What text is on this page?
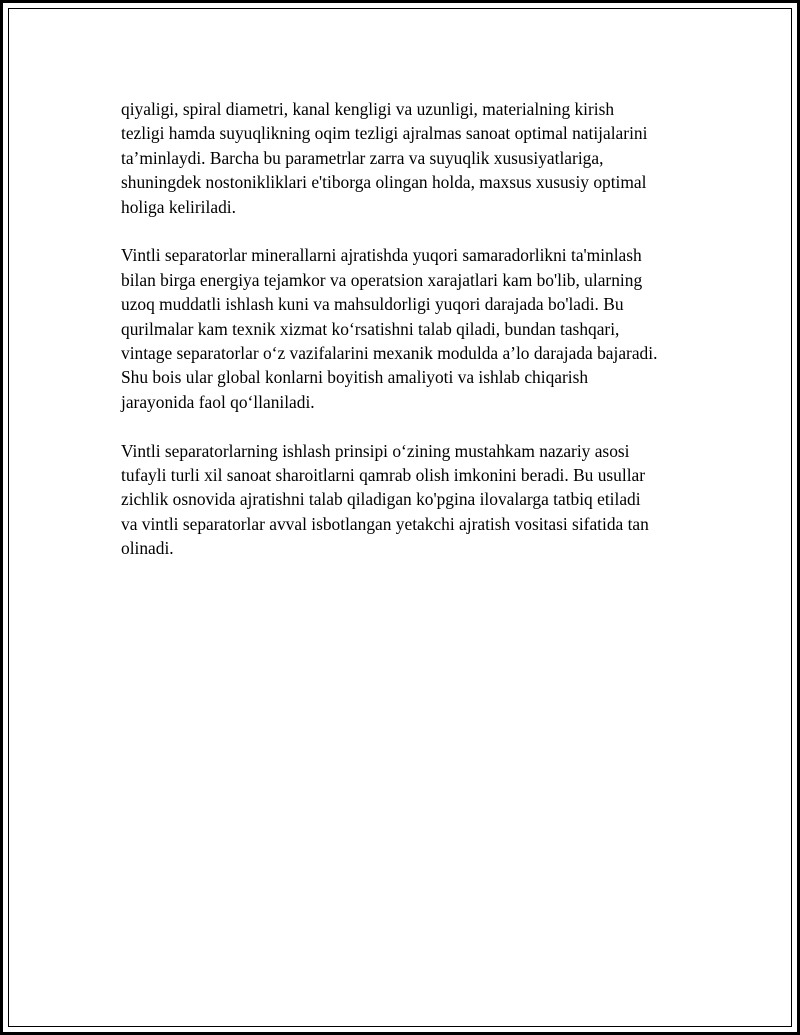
qiyaligi, spiral diametri, kanal kengligi va uzunligi, materialning kirish
tezligi hamda suyuqlikning oqim tezligi ajralmas sanoat optimal natijalarini
ta’minlaydi. Barcha bu parametrlar zarra va suyuqlik xususiyatlariga,
shuningdek nostonikliklari e'tiborga olingan holda, maxsus xususiy optimal
holiga keliriladi.

Vintli separatorlar minerallarni ajratishda yuqori samaradorlikni ta'minlash
bilan birga energiya tejamkor va operatsion xarajatlari kam bo'lib, ularning
uzoq muddatli ishlash kuni va mahsuldorligi yuqori darajada bo'ladi. Bu
qurilmalar kam texnik xizmat koʻrsatishni talab qiladi, bundan tashqari,
vintage separatorlar oʻz vazifalarini mexanik modulda a’lo darajada bajaradi.
Shu bois ular global konlarni boyitish amaliyoti va ishlab chiqarish
jarayonida faol qoʻllaniladi.

Vintli separatorlarning ishlash prinsipi oʻzining mustahkam nazariy asosi
tufayli turli xil sanoat sharoitlarni qamrab olish imkonini beradi. Bu usullar
zichlik osnovida ajratishni talab qiladigan ko'pgina ilovalarga tatbiq etiladi
va vintli separatorlar avval isbotlangan yetakchi ajratish vositasi sifatida tan
olinadi.
